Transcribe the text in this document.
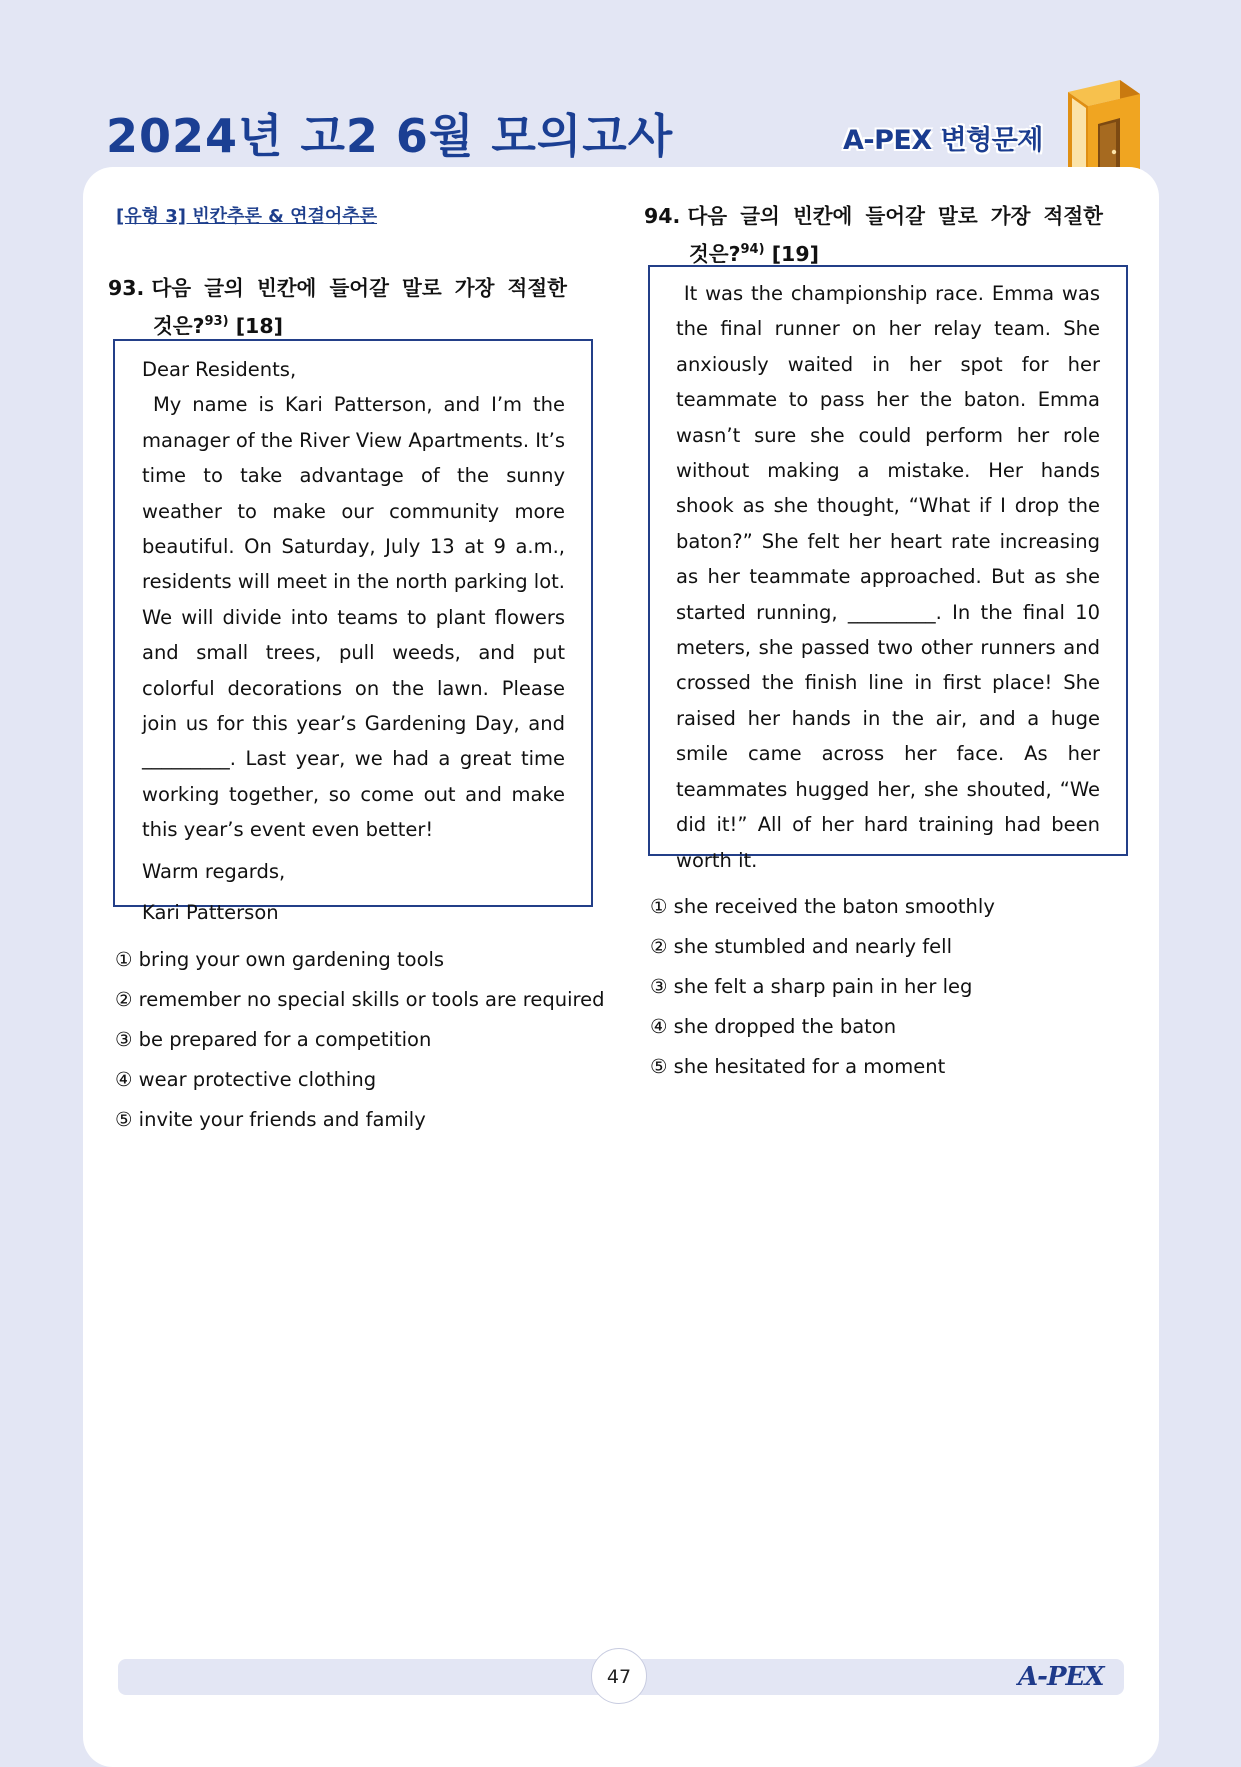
2024년 고2 6월 모의고사	A-PEX 변형문제
[유형 3] 빈칸추론 & 연결어추론
93. 다음 글의 빈칸에 들어갈 말로 가장 적절한
것은?$^{93)}$ [18]

Dear Residents,

My name is Kari Patterson, and I’m the manager of the River View Apartments. It’s time to take advantage of the sunny weather to make our community more beautiful. On Saturday, July 13 at 9 a.m., residents will meet in the north parking lot. We will divide into teams to plant flowers and small trees, pull weeds, and put colorful decorations on the lawn. Please join us for this year’s Gardening Day, and _________. Last year, we had a great time working together, so come out and make this year’s event even better!

Warm regards,

Kari Patterson

① bring your own gardening tools
② remember no special skills or tools are required
③ be prepared for a competition
④ wear protective clothing
⑤ invite your friends and family
94. 다음 글의 빈칸에 들어갈 말로 가장 적절한
것은?$^{94)}$ [19]

It was the championship race. Emma was the final runner on her relay team. She anxiously waited in her spot for her teammate to pass her the baton. Emma wasn’t sure she could perform her role without making a mistake. Her hands shook as she thought, “What if I drop the baton?” She felt her heart rate increasing as her teammate approached. But as she started running, _________. In the final 10 meters, she passed two other runners and crossed the finish line in first place! She raised her hands in the air, and a huge smile came across her face. As her teammates hugged her, she shouted, “We did it!” All of her hard training had been worth it.

① she received the baton smoothly
② she stumbled and nearly fell
③ she felt a sharp pain in her leg
④ she dropped the baton
⑤ she hesitated for a moment
47	A-PEX
